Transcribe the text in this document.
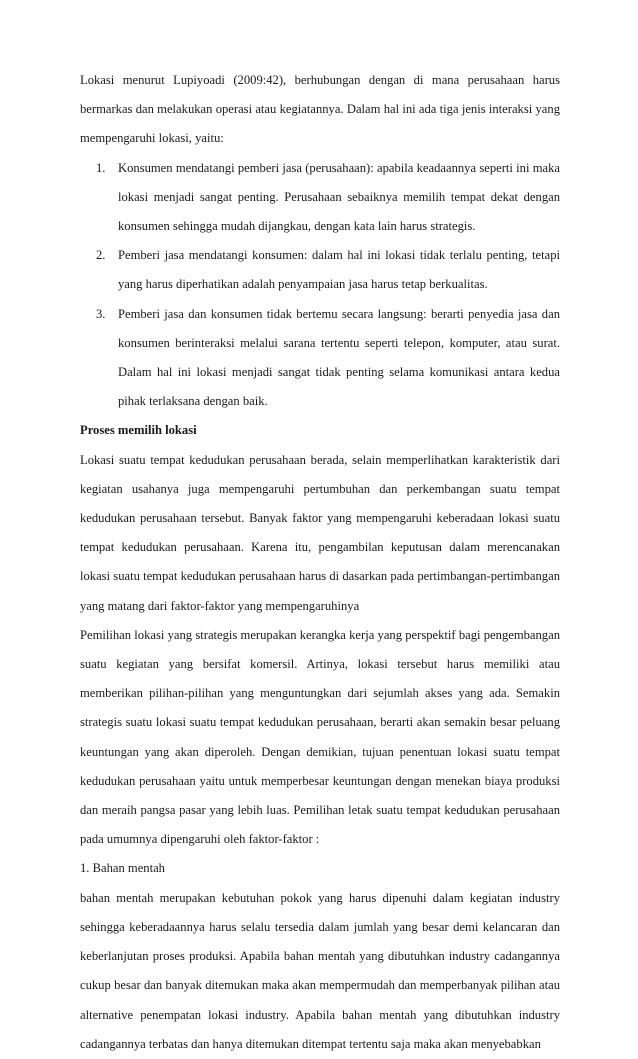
Lokasi menurut Lupiyoadi (2009:42), berhubungan dengan di mana perusahaan harus bermarkas dan melakukan operasi atau kegiatannya. Dalam hal ini ada tiga jenis interaksi yang mempengaruhi lokasi, yaitu:

1. Konsumen mendatangi pemberi jasa (perusahaan): apabila keadaannya seperti ini maka lokasi menjadi sangat penting. Perusahaan sebaiknya memilih tempat dekat dengan konsumen sehingga mudah dijangkau, dengan kata lain harus strategis.
2. Pemberi jasa mendatangi konsumen: dalam hal ini lokasi tidak terlalu penting, tetapi yang harus diperhatikan adalah penyampaian jasa harus tetap berkualitas.
3. Pemberi jasa dan konsumen tidak bertemu secara langsung: berarti penyedia jasa dan konsumen berinteraksi melalui sarana tertentu seperti telepon, komputer, atau surat. Dalam hal ini lokasi menjadi sangat tidak penting selama komunikasi antara kedua pihak terlaksana dengan baik.

Proses memilih lokasi

Lokasi suatu tempat kedudukan perusahaan berada, selain memperlihatkan karakteristik dari kegiatan usahanya juga mempengaruhi pertumbuhan dan perkembangan suatu tempat kedudukan perusahaan tersebut. Banyak faktor yang mempengaruhi keberadaan lokasi suatu tempat kedudukan perusahaan. Karena itu, pengambilan keputusan dalam merencanakan lokasi suatu tempat kedudukan perusahaan harus di dasarkan pada pertimbangan-pertimbangan yang matang dari faktor-faktor yang mempengaruhinya

Pemilihan lokasi yang strategis merupakan kerangka kerja yang perspektif bagi pengembangan suatu kegiatan yang bersifat komersil. Artinya, lokasi tersebut harus memiliki atau memberikan pilihan-pilihan yang menguntungkan dari sejumlah akses yang ada. Semakin strategis suatu lokasi suatu tempat kedudukan perusahaan, berarti akan semakin besar peluang keuntungan yang akan diperoleh. Dengan demikian, tujuan penentuan lokasi suatu tempat kedudukan perusahaan yaitu untuk memperbesar keuntungan dengan menekan biaya produksi dan meraih pangsa pasar yang lebih luas. Pemilihan letak suatu tempat kedudukan perusahaan pada umumnya dipengaruhi oleh faktor-faktor :

1. Bahan mentah

bahan mentah merupakan kebutuhan pokok yang harus dipenuhi dalam kegiatan industry sehingga keberadaannya harus selalu tersedia dalam jumlah yang besar demi kelancaran dan keberlanjutan proses produksi. Apabila bahan mentah yang dibutuhkan industry cadangannya cukup besar dan banyak ditemukan maka akan mempermudah dan memperbanyak pilihan atau alternative penempatan lokasi industry. Apabila bahan mentah yang dibutuhkan industry cadangannya terbatas dan hanya ditemukan ditempat tertentu saja maka akan menyebabkan
